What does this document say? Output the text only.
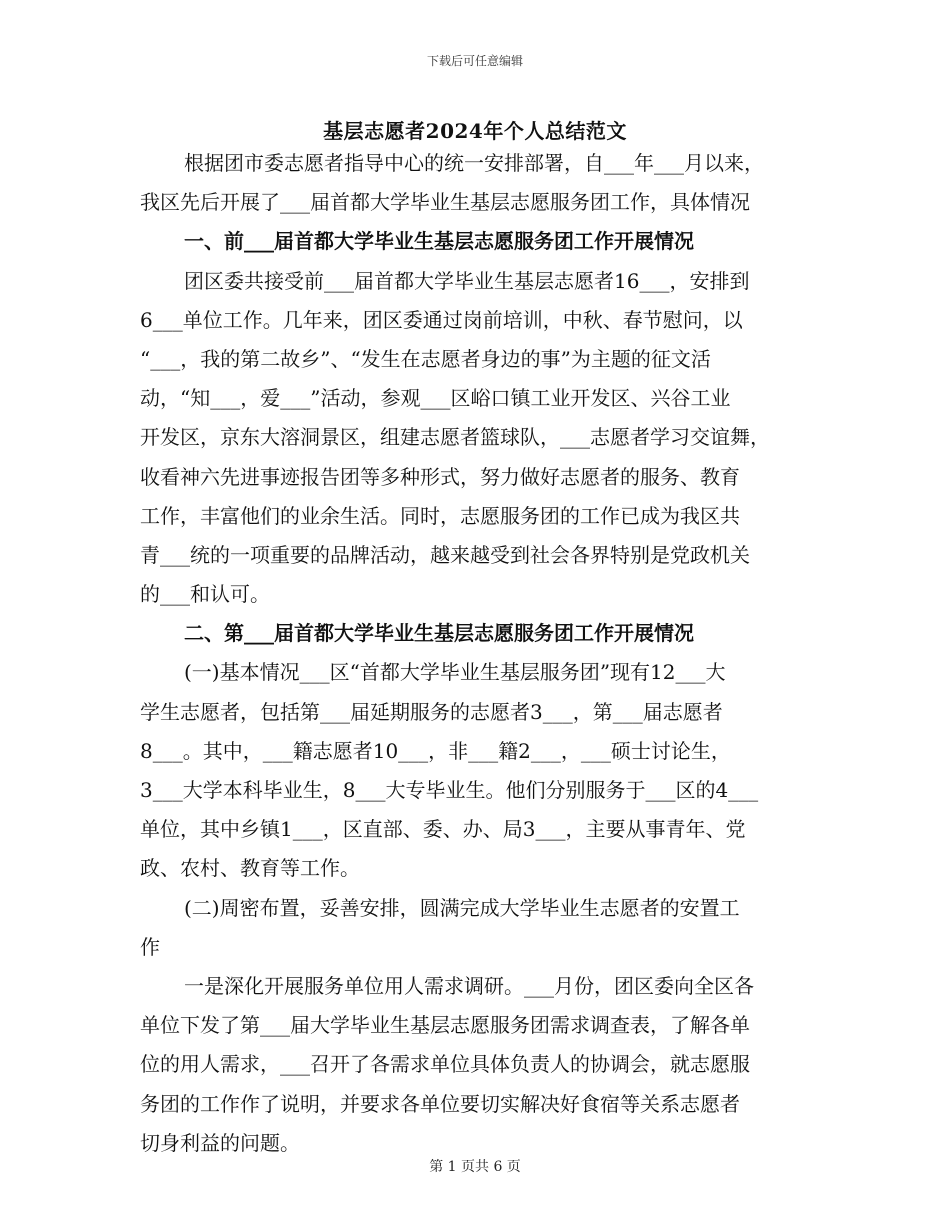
下载后可任意编辑
基层志愿者2024年个人总结范文
根据团市委志愿者指导中心的统一安排部署，自___年___月以来，
我区先后开展了___届首都大学毕业生基层志愿服务团工作，具体情况
一、前___届首都大学毕业生基层志愿服务团工作开展情况
团区委共接受前___届首都大学毕业生基层志愿者16___，安排到
6___单位工作。几年来，团区委通过岗前培训，中秋、春节慰问，以
“___，我的第二故乡”、“发生在志愿者身边的事”为主题的征文活
动，“知___，爱___”活动，参观___区峪口镇工业开发区、兴谷工业
开发区，京东大溶洞景区，组建志愿者篮球队，___志愿者学习交谊舞，
收看神六先进事迹报告团等多种形式，努力做好志愿者的服务、教育
工作，丰富他们的业余生活。同时，志愿服务团的工作已成为我区共
青___统的一项重要的品牌活动，越来越受到社会各界特别是党政机关
的___和认可。
二、第___届首都大学毕业生基层志愿服务团工作开展情况
(一)基本情况___区“首都大学毕业生基层服务团”现有12___大
学生志愿者，包括第___届延期服务的志愿者3___，第___届志愿者
8___。其中，___籍志愿者10___，非___籍2___，___硕士讨论生，
3___大学本科毕业生，8___大专毕业生。他们分别服务于___区的4___
单位，其中乡镇1___，区直部、委、办、局3___，主要从事青年、党
政、农村、教育等工作。
(二)周密布置，妥善安排，圆满完成大学毕业生志愿者的安置工
作
一是深化开展服务单位用人需求调研。___月份，团区委向全区各
单位下发了第___届大学毕业生基层志愿服务团需求调查表，了解各单
位的用人需求，___召开了各需求单位具体负责人的协调会，就志愿服
务团的工作作了说明，并要求各单位要切实解决好食宿等关系志愿者
切身利益的问题。
第 1 页共 6 页
